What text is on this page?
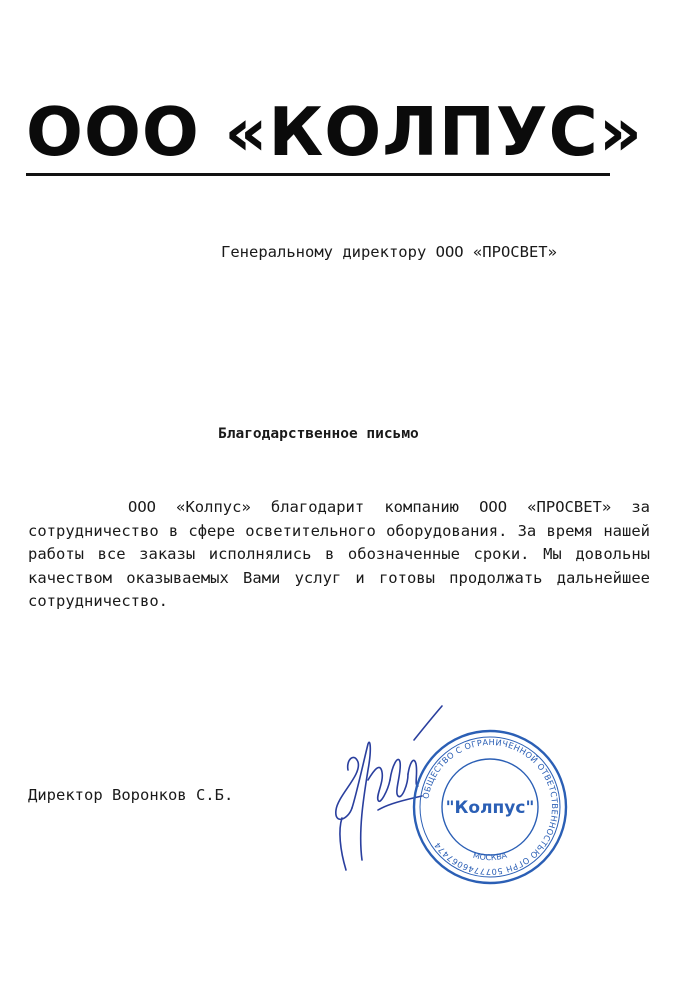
ООО «КОЛПУС»
Генеральному директору ООО «ПРОСВЕТ»
Благодарственное письмо
ООО «Колпус» благодарит компанию ООО «ПРОСВЕТ» за сотрудничество в сфере осветительного оборудования. За время нашей работы все заказы исполнялись в обозначенные сроки. Мы довольны качеством оказываемых Вами услуг и готовы продолжать дальнейшее сотрудничество.
Директор Воронков С.Б.	ОБЩЕСТВО С ОГРАНИЧЕННОЙ ОТВЕТСТВЕННОСТЬЮ ОГРН 5077746067474
МОСКВА
"Колпус"
